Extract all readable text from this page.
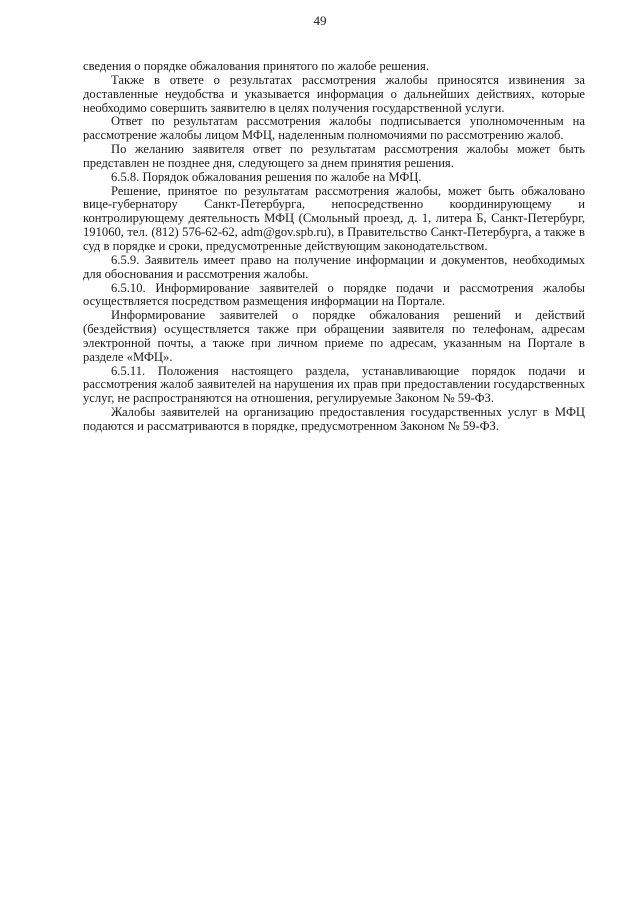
49

сведения о порядке обжалования принятого по жалобе решения.

Также в ответе о результатах рассмотрения жалобы приносятся извинения за доставленные неудобства и указывается информация о дальнейших действиях, которые необходимо совершить заявителю в целях получения государственной услуги.

Ответ по результатам рассмотрения жалобы подписывается уполномоченным на рассмотрение жалобы лицом МФЦ, наделенным полномочиями по рассмотрению жалоб.

По желанию заявителя ответ по результатам рассмотрения жалобы может быть представлен не позднее дня, следующего за днем принятия решения.

6.5.8. Порядок обжалования решения по жалобе на МФЦ.

Решение, принятое по результатам рассмотрения жалобы, может быть обжаловано вице-губернатору Санкт-Петербурга, непосредственно координирующему и контролирующему деятельность МФЦ (Смольный проезд, д. 1, литера Б, Санкт-Петербург, 191060, тел. (812) 576-62-62, adm@gov.spb.ru), в Правительство Санкт-Петербурга, а также в суд в порядке и сроки, предусмотренные действующим законодательством.

6.5.9. Заявитель имеет право на получение информации и документов, необходимых для обоснования и рассмотрения жалобы.

6.5.10. Информирование заявителей о порядке подачи и рассмотрения жалобы осуществляется посредством размещения информации на Портале.

Информирование заявителей о порядке обжалования решений и действий (бездействия) осуществляется также при обращении заявителя по телефонам, адресам электронной почты, а также при личном приеме по адресам, указанным на Портале в разделе «МФЦ».

6.5.11. Положения настоящего раздела, устанавливающие порядок подачи и рассмотрения жалоб заявителей на нарушения их прав при предоставлении государственных услуг, не распространяются на отношения, регулируемые Законом № 59-ФЗ.

Жалобы заявителей на организацию предоставления государственных услуг в МФЦ подаются и рассматриваются в порядке, предусмотренном Законом № 59-ФЗ.
